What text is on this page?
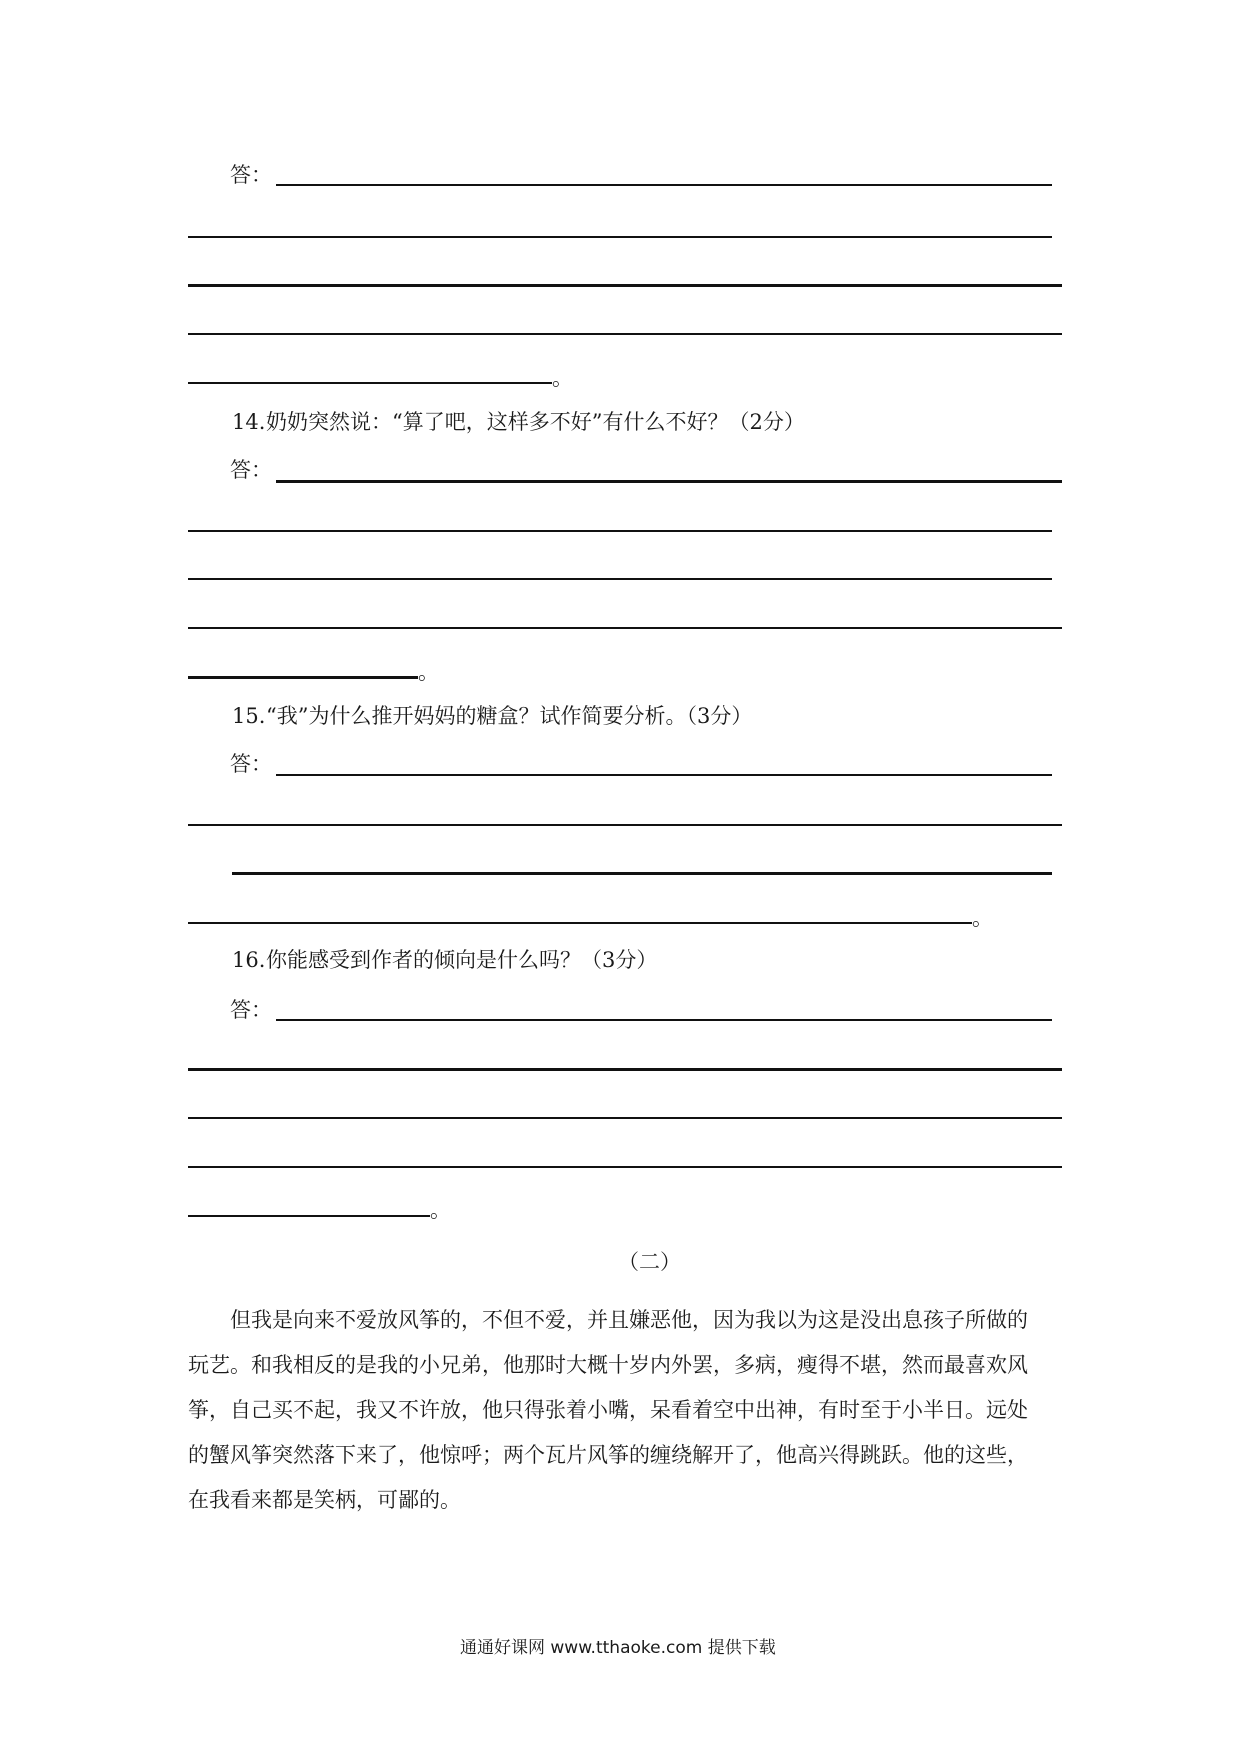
答：
。
14. 奶奶突然说：“算了吧，这样多不好”有什么不好？（2分）
答：
。
15. “我”为什么推开妈妈的糖盒？试作简要分析。（3分）
答：
。
16. 你能感受到作者的倾向是什么吗？（3分）
答：
。
（二）
但我是向来不爱放风筝的，不但不爱，并且嫌恶他，因为我以为这是没出息孩子所做的
玩艺。和我相反的是我的小兄弟，他那时大概十岁内外罢，多病，瘦得不堪，然而最喜欢风
筝，自己买不起，我又不许放，他只得张着小嘴，呆看着空中出神，有时至于小半日。远处
的蟹风筝突然落下来了，他惊呼；两个瓦片风筝的缠绕解开了，他高兴得跳跃。他的这些，
在我看来都是笑柄，可鄙的。
通通好课网 www.tthaoke.com 提供下载
